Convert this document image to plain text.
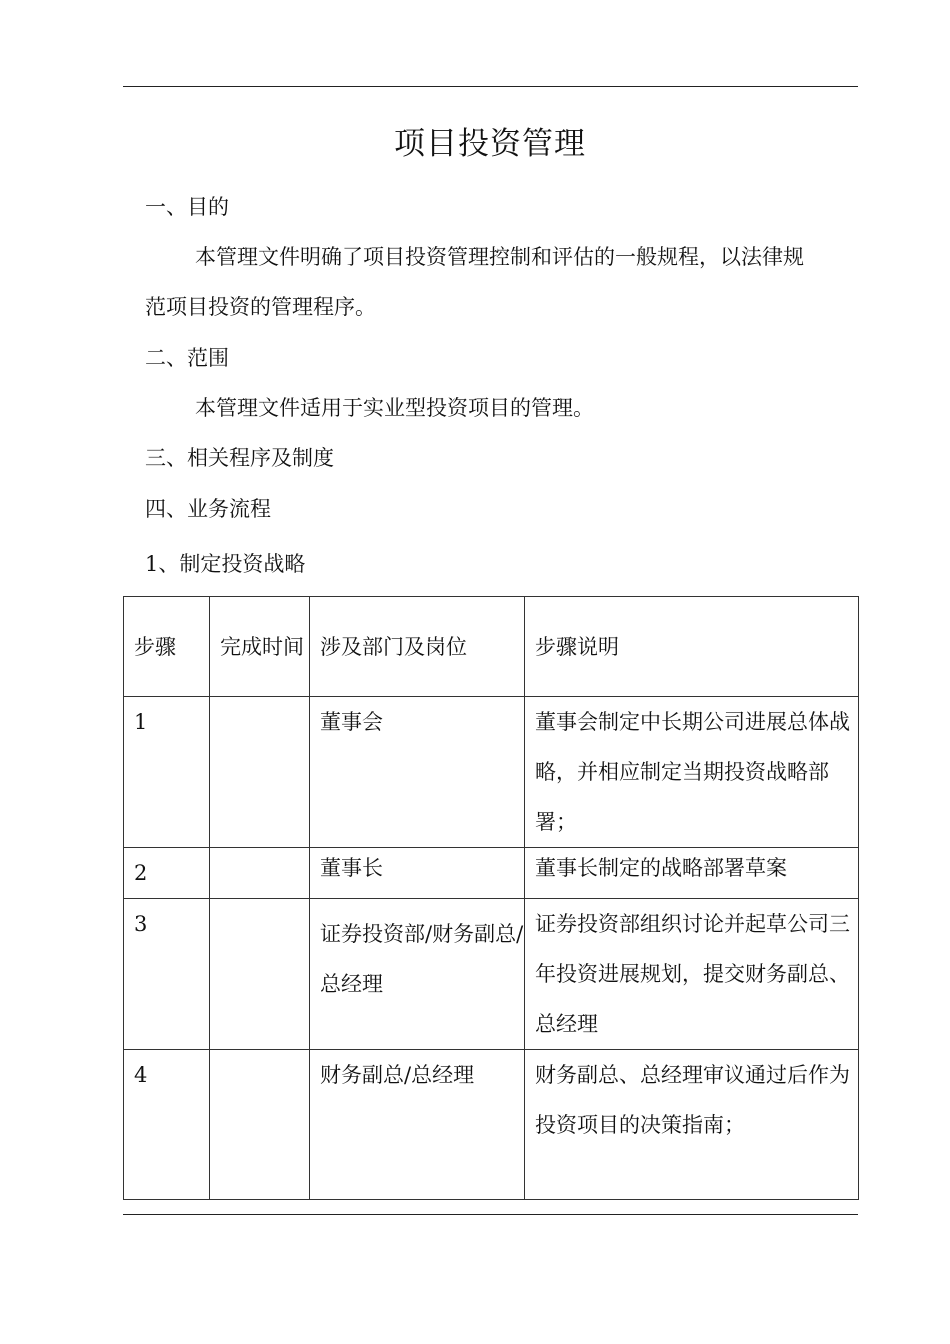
项目投资管理
一、目的
本管理文件明确了项目投资管理控制和评估的一般规程，以法律规
范项目投资的管理程序。
二、范围
本管理文件适用于实业型投资项目的管理。
三、相关程序及制度
四、业务流程
1、制定投资战略
步骤	完成时间	涉及部门及岗位	步骤说明
1		董事会	董事会制定中长期公司进展总体战略，并相应制定当期投资战略部署；
2		董事长	董事长制定的战略部署草案
3		证券投资部/财务副总/总经理	证券投资部组织讨论并起草公司三年投资进展规划，提交财务副总、总经理
4		财务副总/总经理	财务副总、总经理审议通过后作为投资项目的决策指南；
